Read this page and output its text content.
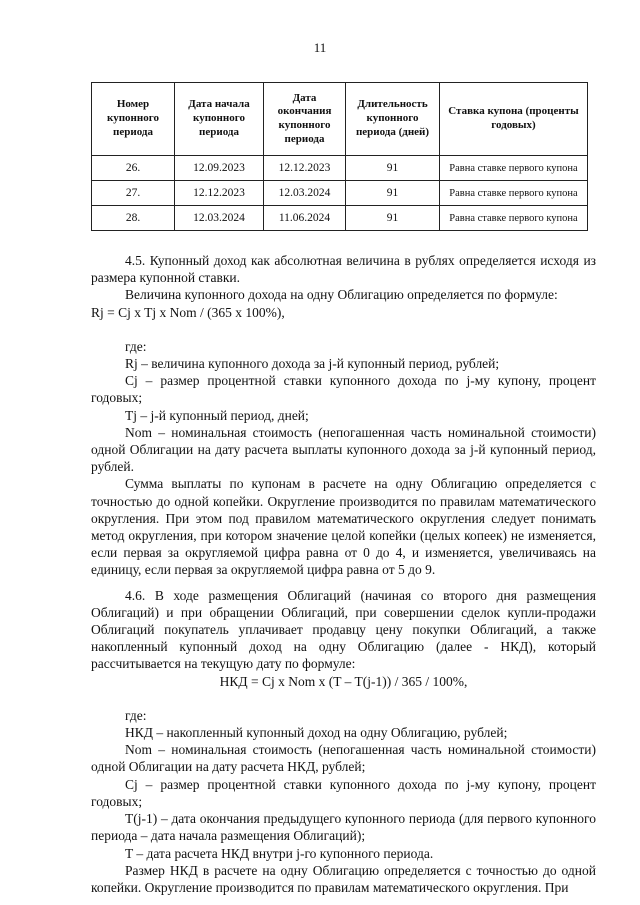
11
Номер купонного периода	Дата начала купонного периода	Дата окончания купонного периода	Длительность купонного периода (дней)	Ставка купона (проценты годовых)
26.	12.09.2023	12.12.2023	91	Равна ставке первого купона
27.	12.12.2023	12.03.2024	91	Равна ставке первого купона
28.	12.03.2024	11.06.2024	91	Равна ставке первого купона

4.5. Купонный доход как абсолютная величина в рублях определяется исходя из размера купонной ставки.

Величина купонного дохода на одну Облигацию определяется по формуле:

Rj = Cj x Tj x Nom / (365 x 100%),

где:

Rj – величина купонного дохода за j-й купонный период, рублей;

Cj – размер процентной ставки купонного дохода по j-му купону, процент годовых;

Tj – j-й купонный период, дней;

Nom – номинальная стоимость (непогашенная часть номинальной стоимости) одной Облигации на дату расчета выплаты купонного дохода за j-й купонный период, рублей.

Сумма выплаты по купонам в расчете на одну Облигацию определяется с точностью до одной копейки. Округление производится по правилам математического округления. При этом под правилом математического округления следует понимать метод округления, при котором значение целой копейки (целых копеек) не изменяется, если первая за округляемой цифра равна от 0 до 4, и изменяется, увеличиваясь на единицу, если первая за округляемой цифра равна от 5 до 9.

4.6. В ходе размещения Облигаций (начиная со второго дня размещения Облигаций) и при обращении Облигаций, при совершении сделок купли-продажи Облигаций покупатель уплачивает продавцу цену покупки Облигаций, а также накопленный купонный доход на одну Облигацию (далее - НКД), который рассчитывается на текущую дату по формуле:

НКД = Cj x Nom x (T – T(j-1)) / 365 / 100%,

где:

НКД – накопленный купонный доход на одну Облигацию, рублей;

Nom – номинальная стоимость (непогашенная часть номинальной стоимости) одной Облигации на дату расчета НКД, рублей;

Cj – размер процентной ставки купонного дохода по j-му купону, процент годовых;

T(j-1) – дата окончания предыдущего купонного периода (для первого купонного периода – дата начала размещения Облигаций);

T – дата расчета НКД внутри j-го купонного периода.

Размер НКД в расчете на одну Облигацию определяется с точностью до одной копейки. Округление производится по правилам математического округления. При
